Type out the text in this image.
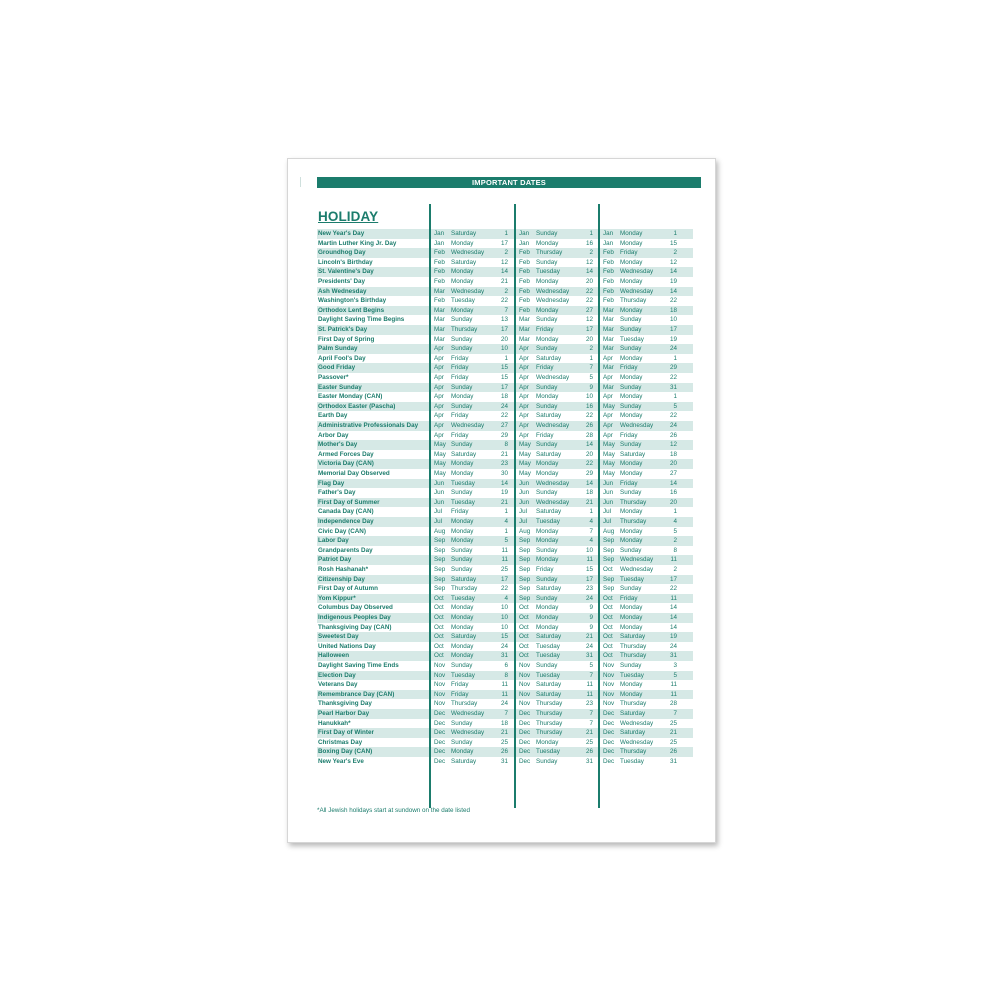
IMPORTANT DATES
HOLIDAY
New Year's Day	Jan	Saturday	1 Jan	Sunday	1 Jan	Monday	1
Martin Luther King Jr. Day	Jan	Monday	17 Jan	Monday	16 Jan	Monday	15
Groundhog Day	Feb Wednesday	2 Feb Thursday	2 Feb Friday	2
Lincoln's Birthday	Feb Saturday	12 Feb Sunday	12 Feb Monday	12
St. Valentine's Day	Feb Monday	14 Feb Tuesday	14 Feb Wednesday	14
Presidents' Day	Feb Monday	21 Feb Monday	20 Feb Monday	19
Ash Wednesday	Mar Wednesday	2 Feb Wednesday	22 Feb Wednesday	14
Washington's Birthday	Feb Tuesday	22 Feb Wednesday	22 Feb Thursday	22
Orthodox Lent Begins	Mar Monday	7 Feb Monday	27 Mar Monday	18
Daylight Saving Time Begins	Mar Sunday	13 Mar Sunday	12 Mar Sunday	10
St. Patrick's Day	Mar Thursday	17 Mar Friday	17 Mar Sunday	17
First Day of Spring	Mar Sunday	20 Mar Monday	20 Mar Tuesday	19
Palm Sunday	Apr	Sunday	10 Apr	Sunday	2 Mar Sunday	24
April Fool's Day	Apr	Friday	1 Apr	Saturday	1 Apr	Monday	1
Good Friday	Apr	Friday	15 Apr	Friday	7 Mar Friday	29
Passover*	Apr	Friday	15 Apr	Wednesday	5 Apr	Monday	22
Easter Sunday	Apr	Sunday	17 Apr	Sunday	9 Mar Sunday	31
Easter Monday (CAN)	Apr	Monday	18 Apr	Monday	10 Apr	Monday	1
Orthodox Easter (Pascha)	Apr	Sunday	24 Apr	Sunday	16 May Sunday	5
Earth Day	Apr	Friday	22 Apr	Saturday	22 Apr	Monday	22
Administrative Professionals Day	Apr	Wednesday	27 Apr	Wednesday	26 Apr	Wednesday	24
Arbor Day	Apr	Friday	29 Apr	Friday	28 Apr	Friday	26
Mother's Day	May Sunday	8 May Sunday	14 May Sunday	12
Armed Forces Day	May Saturday	21 May Saturday	20 May Saturday	18
Victoria Day (CAN)	May Monday	23 May Monday	22 May Monday	20
Memorial Day Observed	May Monday	30 May Monday	29 May Monday	27
Flag Day	Jun	Tuesday	14 Jun	Wednesday	14 Jun	Friday	14
Father's Day	Jun	Sunday	19 Jun	Sunday	18 Jun	Sunday	16
First Day of Summer	Jun	Tuesday	21 Jun	Wednesday	21 Jun	Thursday	20
Canada Day (CAN)	Jul	Friday	1 Jul	Saturday	1 Jul	Monday	1
Independence Day	Jul	Monday	4 Jul	Tuesday	4 Jul	Thursday	4
Civic Day (CAN)	Aug Monday	1 Aug Monday	7 Aug Monday	5
Labor Day	Sep Monday	5 Sep Monday	4 Sep Monday	2
Grandparents Day	Sep Sunday	11 Sep Sunday	10 Sep Sunday	8
Patriot Day	Sep Sunday	11 Sep Monday	11 Sep Wednesday	11
Rosh Hashanah*	Sep Sunday	25 Sep Friday	15 Oct	Wednesday	2
Citizenship Day	Sep Saturday	17 Sep Sunday	17 Sep Tuesday	17
First Day of Autumn	Sep Thursday	22 Sep Saturday	23 Sep Sunday	22
Yom Kippur*	Oct	Tuesday	4 Sep Sunday	24 Oct	Friday	11
Columbus Day Observed	Oct	Monday	10 Oct	Monday	9 Oct	Monday	14
Indigenous Peoples Day	Oct	Monday	10 Oct	Monday	9 Oct	Monday	14
Thanksgiving Day (CAN)	Oct	Monday	10 Oct	Monday	9 Oct	Monday	14
Sweetest Day	Oct	Saturday	15 Oct	Saturday	21 Oct	Saturday	19
United Nations Day	Oct	Monday	24 Oct	Tuesday	24 Oct	Thursday	24
Halloween	Oct	Monday	31 Oct	Tuesday	31 Oct	Thursday	31
Daylight Saving Time Ends	Nov Sunday	6 Nov Sunday	5 Nov Sunday	3
Election Day	Nov Tuesday	8 Nov Tuesday	7 Nov Tuesday	5
Veterans Day	Nov Friday	11 Nov Saturday	11 Nov Monday	11
Remembrance Day (CAN)	Nov Friday	11 Nov Saturday	11 Nov Monday	11
Thanksgiving Day	Nov Thursday	24 Nov Thursday	23 Nov Thursday	28
Pearl Harbor Day	Dec Wednesday	7 Dec Thursday	7 Dec Saturday	7
Hanukkah*	Dec Sunday	18 Dec Thursday	7 Dec Wednesday	25
First Day of Winter	Dec Wednesday	21 Dec Thursday	21 Dec Saturday	21
Christmas Day	Dec Sunday	25 Dec Monday	25 Dec Wednesday	25
Boxing Day (CAN)	Dec Monday	26 Dec Tuesday	26 Dec Thursday	26
New Year's Eve	Dec Saturday	31 Dec Sunday	31 Dec Tuesday	31
*All Jewish holidays start at sundown on the date listed
